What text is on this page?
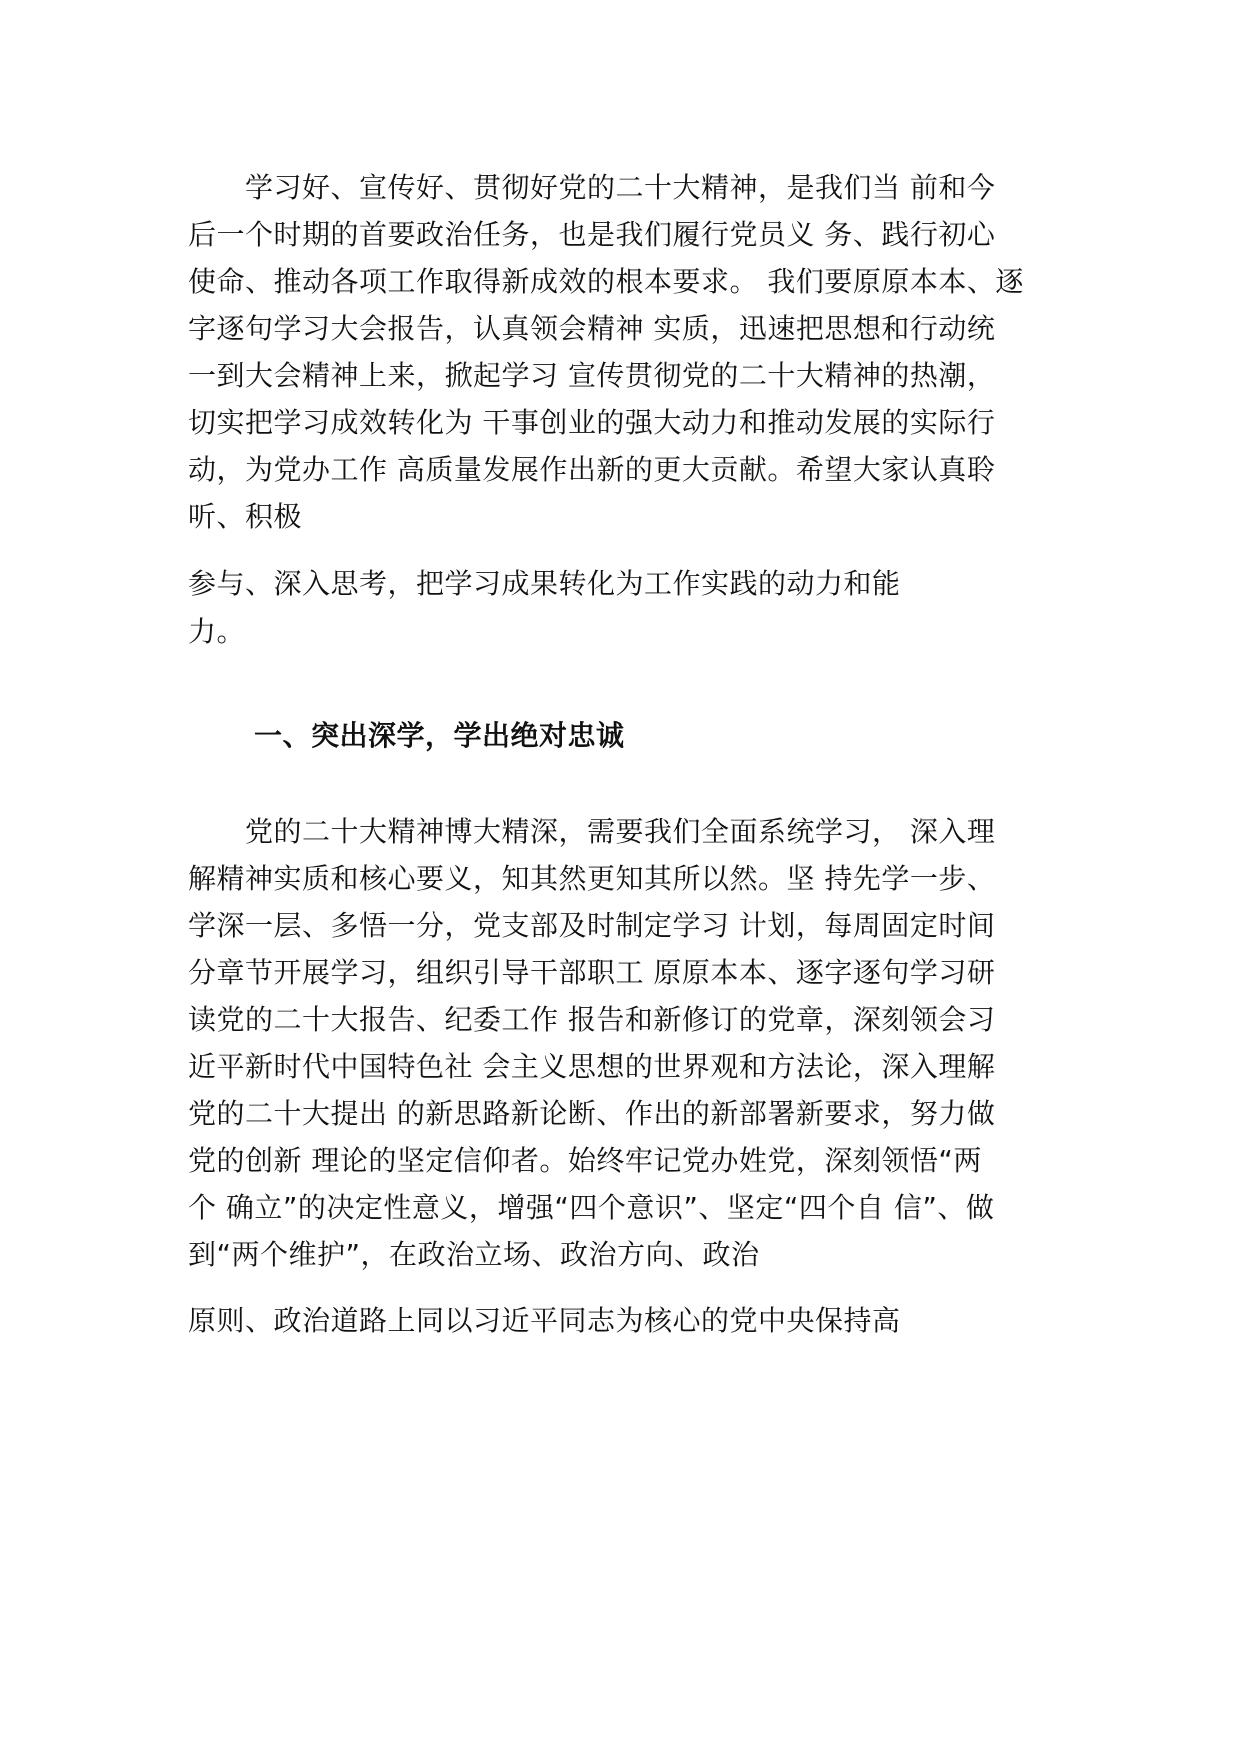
　　学习好、宣传好、贯彻好党的二十大精神，是我们当 前和今
后一个时期的首要政治任务，也是我们履行党员义 务、践行初心
使命、推动各项工作取得新成效的根本要求。 我们要原原本本、逐
字逐句学习大会报告，认真领会精神 实质，迅速把思想和行动统
一到大会精神上来，掀起学习 宣传贯彻党的二十大精神的热潮，
切实把学习成效转化为 干事创业的强大动力和推动发展的实际行
动，为党办工作 高质量发展作出新的更大贡献。希望大家认真聆
听、积极
参与、深入思考，把学习成果转化为工作实践的动力和能
力。
一、突出深学，学出绝对忠诚
　　党的二十大精神博大精深，需要我们全面系统学习， 深入理
解精神实质和核心要义，知其然更知其所以然。坚 持先学一步、
学深一层、多悟一分，党支部及时制定学习 计划，每周固定时间
分章节开展学习，组织引导干部职工 原原本本、逐字逐句学习研
读党的二十大报告、纪委工作 报告和新修订的党章，深刻领会习
近平新时代中国特色社 会主义思想的世界观和方法论，深入理解
党的二十大提出 的新思路新论断、作出的新部署新要求，努力做
党的创新 理论的坚定信仰者。始终牢记党办姓党，深刻领悟“两
个 确立”的决定性意义，增强“四个意识”、坚定“四个自 信”、做
到“两个维护”，在政治立场、政治方向、政治
原则、政治道路上同以习近平同志为核心的党中央保持高
